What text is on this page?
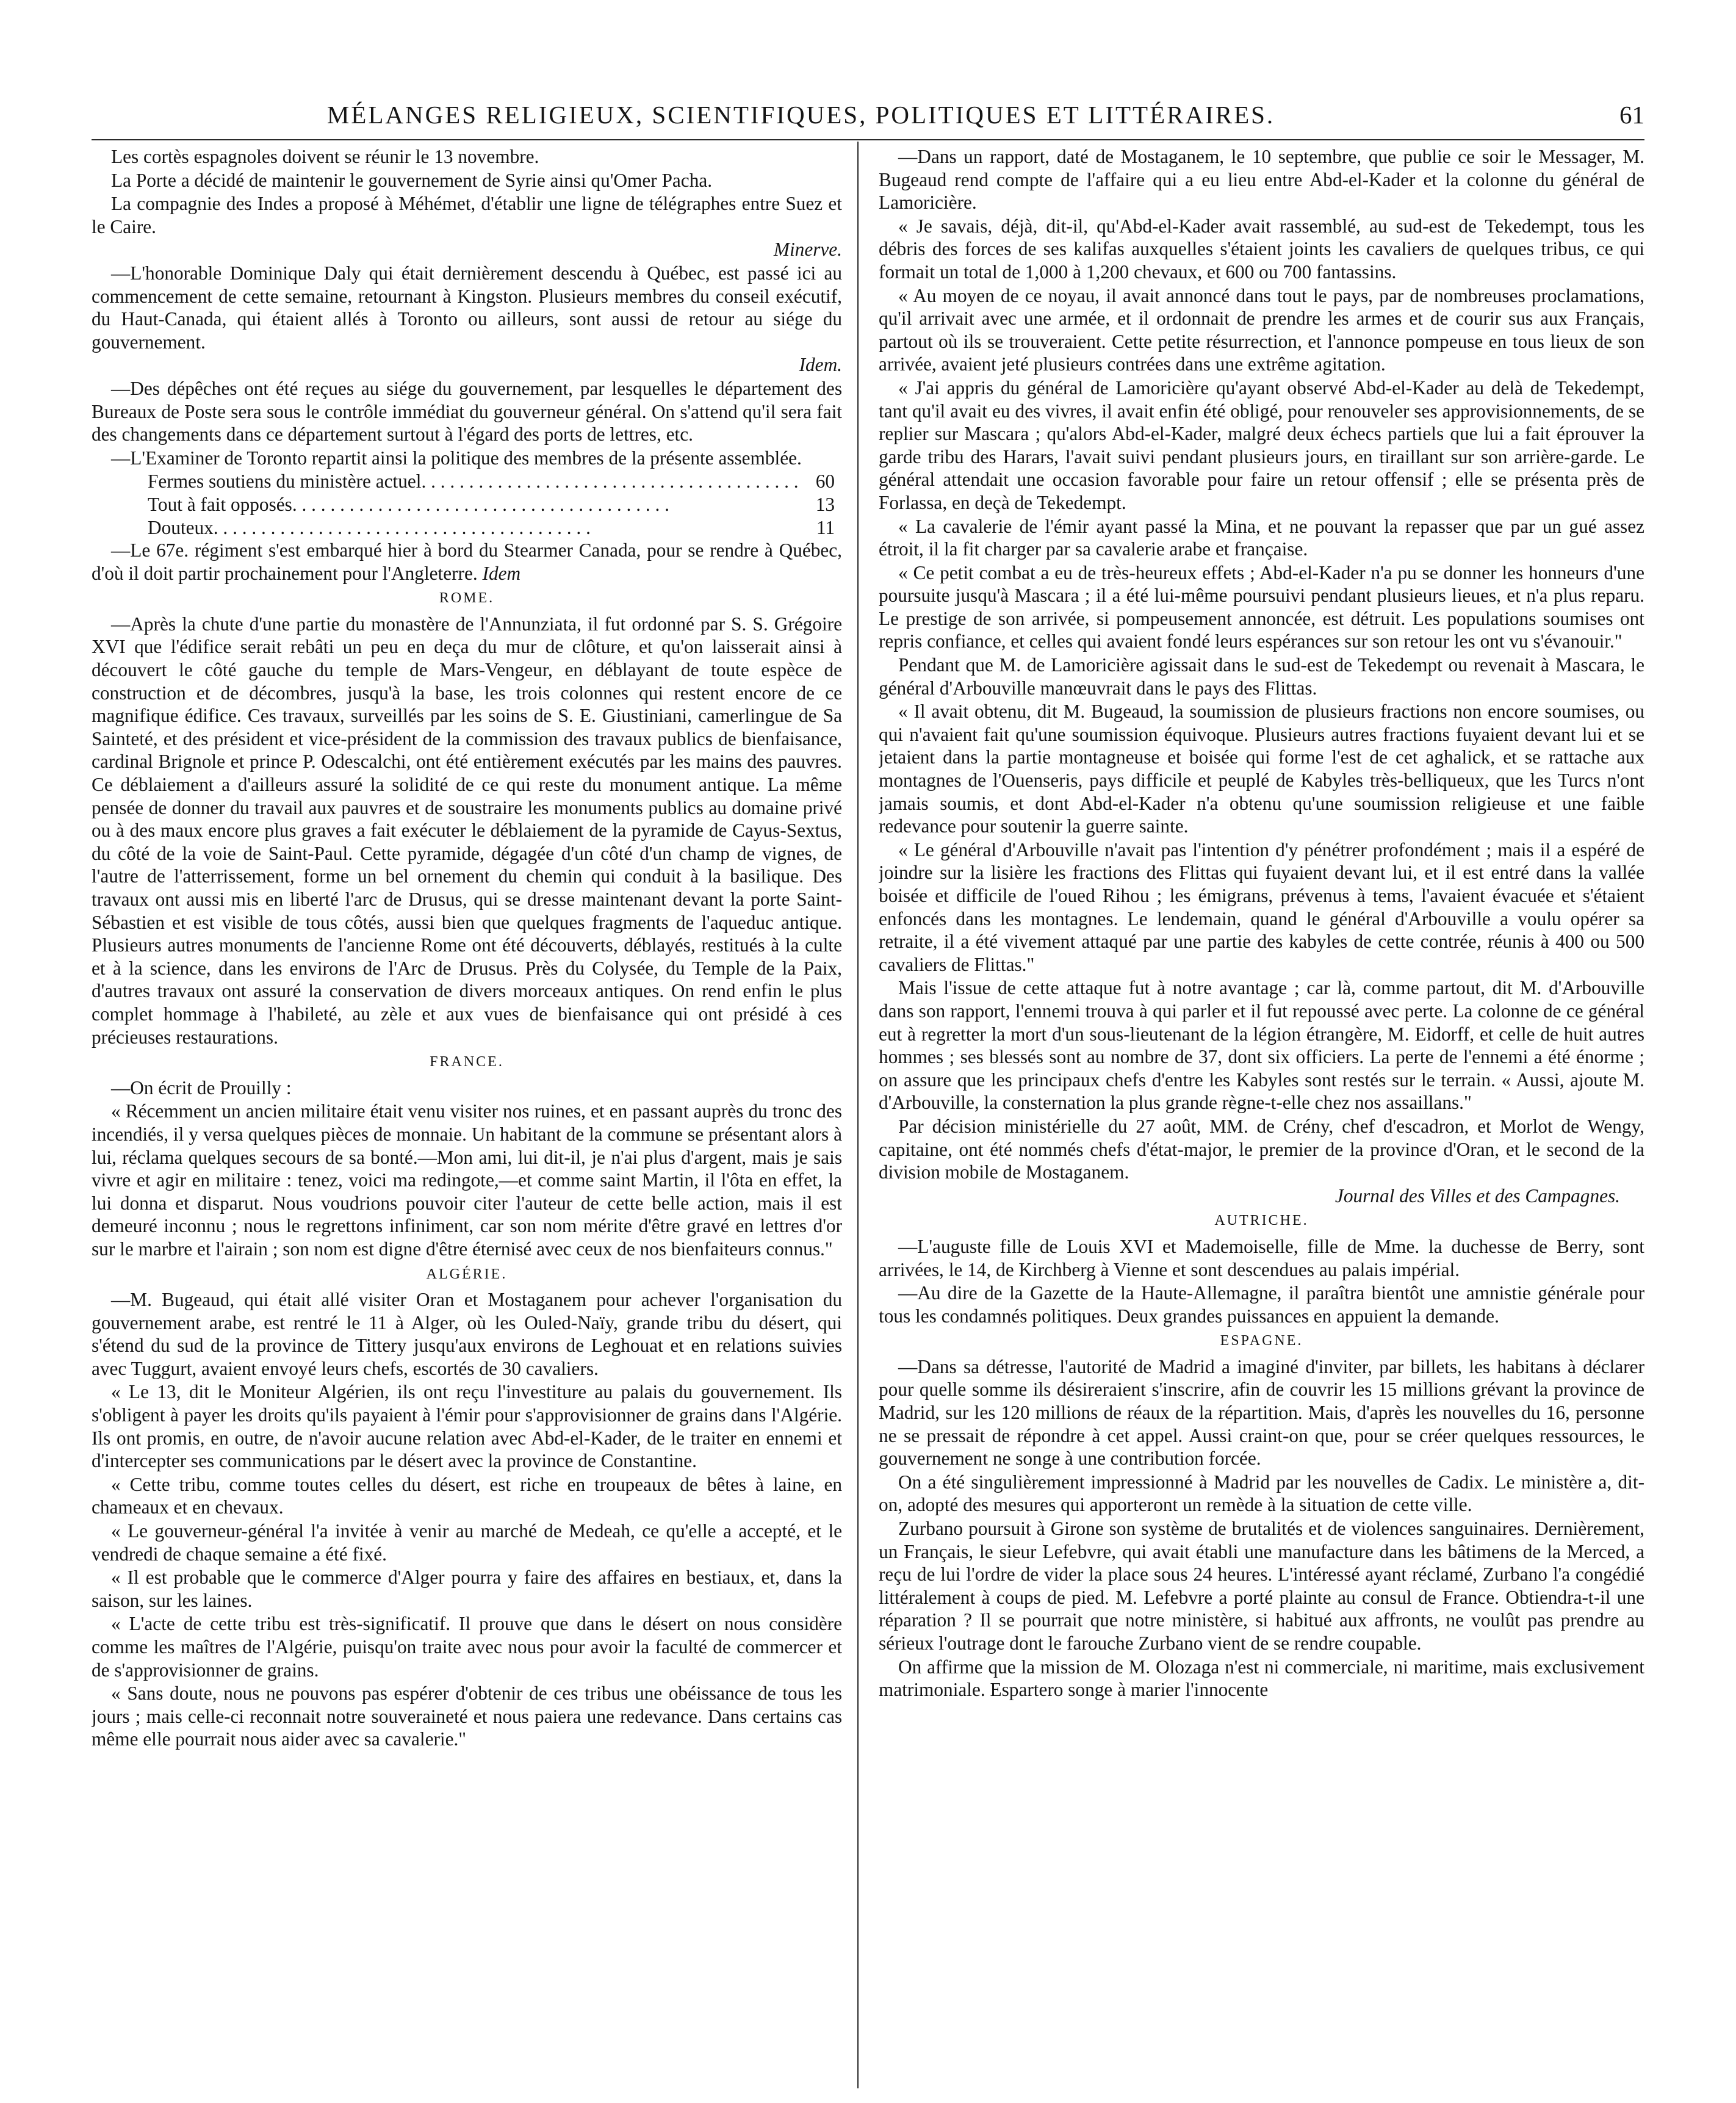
MÉLANGES RELIGIEUX, SCIENTIFIQUES, POLITIQUES ET LITTÉRAIRES.	61

Les cortès espagnoles doivent se réunir le 13 novembre.

La Porte a décidé de maintenir le gouvernement de Syrie ainsi qu'Omer Pacha.

La compagnie des Indes a proposé à Méhémet, d'établir une ligne de télégraphes entre Suez et le Caire.
Minerve.

—L'honorable Dominique Daly qui était dernièrement descendu à Québec, est passé ici au commencement de cette semaine, retournant à Kingston. Plusieurs membres du conseil exécutif, du Haut-Canada, qui étaient allés à Toronto ou ailleurs, sont aussi de retour au siége du gouvernement.
Idem.

—Des dépêches ont été reçues au siége du gouvernement, par lesquelles le département des Bureaux de Poste sera sous le contrôle immédiat du gouverneur général. On s'attend qu'il sera fait des changements dans ce département surtout à l'égard des ports de lettres, etc.

—L'Examiner de Toronto repartit ainsi la politique des membres de la présente assemblée.

Fermes soutiens du ministère actuel. . . .	60
Tout à fait opposés. . . .	13
Douteux. . . .	11

—Le 67e. régiment s'est embarqué hier à bord du Stearmer Canada, pour se rendre à Québec, d'où il doit partir prochainement pour l'Angleterre. Idem

ROME.

—Après la chute d'une partie du monastère de l'Annunziata, il fut ordonné par S. S. Grégoire XVI que l'édifice serait rebâti un peu en deça du mur de clôture, et qu'on laisserait ainsi à découvert le côté gauche du temple de Mars-Vengeur, en déblayant de toute espèce de construction et de décombres, jusqu'à la base, les trois colonnes qui restent encore de ce magnifique édifice. Ces travaux, surveillés par les soins de S. E. Giustiniani, camerlingue de Sa Sainteté, et des président et vice-président de la commission des travaux publics de bienfaisance, cardinal Brignole et prince P. Odescalchi, ont été entièrement exécutés par les mains des pauvres. Ce déblaiement a d'ailleurs assuré la solidité de ce qui reste du monument antique. La même pensée de donner du travail aux pauvres et de soustraire les monuments publics au domaine privé ou à des maux encore plus graves a fait exécuter le déblaiement de la pyramide de Cayus-Sextus, du côté de la voie de Saint-Paul. Cette pyramide, dégagée d'un côté d'un champ de vignes, de l'autre de l'atterrissement, forme un bel ornement du chemin qui conduit à la basilique. Des travaux ont aussi mis en liberté l'arc de Drusus, qui se dresse maintenant devant la porte Saint-Sébastien et est visible de tous côtés, aussi bien que quelques fragments de l'aqueduc antique. Plusieurs autres monuments de l'ancienne Rome ont été découverts, déblayés, restitués à la culte et à la science, dans les environs de l'Arc de Drusus. Près du Colysée, du Temple de la Paix, d'autres travaux ont assuré la conservation de divers morceaux antiques. On rend enfin le plus complet hommage à l'habileté, au zèle et aux vues de bienfaisance qui ont présidé à ces précieuses restaurations.

FRANCE.

—On écrit de Prouilly :

« Récemment un ancien militaire était venu visiter nos ruines, et en passant auprès du tronc des incendiés, il y versa quelques pièces de monnaie. Un habitant de la commune se présentant alors à lui, réclama quelques secours de sa bonté.—Mon ami, lui dit-il, je n'ai plus d'argent, mais je sais vivre et agir en militaire : tenez, voici ma redingote,—et comme saint Martin, il l'ôta en effet, la lui donna et disparut. Nous voudrions pouvoir citer l'auteur de cette belle action, mais il est demeuré inconnu ; nous le regrettons infiniment, car son nom mérite d'être gravé en lettres d'or sur le marbre et l'airain ; son nom est digne d'être éternisé avec ceux de nos bienfaiteurs connus."

ALGÉRIE.

—M. Bugeaud, qui était allé visiter Oran et Mostaganem pour achever l'organisation du gouvernement arabe, est rentré le 11 à Alger, où les Ouled-Naïy, grande tribu du désert, qui s'étend du sud de la province de Tittery jusqu'aux environs de Leghouat et en relations suivies avec Tuggurt, avaient envoyé leurs chefs, escortés de 30 cavaliers.

« Le 13, dit le Moniteur Algérien, ils ont reçu l'investiture au palais du gouvernement. Ils s'obligent à payer les droits qu'ils payaient à l'émir pour s'approvisionner de grains dans l'Algérie. Ils ont promis, en outre, de n'avoir aucune relation avec Abd-el-Kader, de le traiter en ennemi et d'intercepter ses communications par le désert avec la province de Constantine.

« Cette tribu, comme toutes celles du désert, est riche en troupeaux de bêtes à laine, en chameaux et en chevaux.

« Le gouverneur-général l'a invitée à venir au marché de Medeah, ce qu'elle a accepté, et le vendredi de chaque semaine a été fixé.

« Il est probable que le commerce d'Alger pourra y faire des affaires en bestiaux, et, dans la saison, sur les laines.

« L'acte de cette tribu est très-significatif. Il prouve que dans le désert on nous considère comme les maîtres de l'Algérie, puisqu'on traite avec nous pour avoir la faculté de commercer et de s'approvisionner de grains.

« Sans doute, nous ne pouvons pas espérer d'obtenir de ces tribus une obéissance de tous les jours ; mais celle-ci reconnait notre souveraineté et nous paiera une redevance. Dans certains cas même elle pourrait nous aider avec sa cavalerie."

—Dans un rapport, daté de Mostaganem, le 10 septembre, que publie ce soir le Messager, M. Bugeaud rend compte de l'affaire qui a eu lieu entre Abd-el-Kader et la colonne du général de Lamoricière.

« Je savais, déjà, dit-il, qu'Abd-el-Kader avait rassemblé, au sud-est de Tekedempt, tous les débris des forces de ses kalifas auxquelles s'étaient joints les cavaliers de quelques tribus, ce qui formait un total de 1,000 à 1,200 chevaux, et 600 ou 700 fantassins.

« Au moyen de ce noyau, il avait annoncé dans tout le pays, par de nombreuses proclamations, qu'il arrivait avec une armée, et il ordonnait de prendre les armes et de courir sus aux Français, partout où ils se trouveraient. Cette petite résurrection, et l'annonce pompeuse en tous lieux de son arrivée, avaient jeté plusieurs contrées dans une extrême agitation.

« J'ai appris du général de Lamoricière qu'ayant observé Abd-el-Kader au delà de Tekedempt, tant qu'il avait eu des vivres, il avait enfin été obligé, pour renouveler ses approvisionnements, de se replier sur Mascara ; qu'alors Abd-el-Kader, malgré deux échecs partiels que lui a fait éprouver la garde tribu des Harars, l'avait suivi pendant plusieurs jours, en tiraillant sur son arrière-garde. Le général attendait une occasion favorable pour faire un retour offensif ; elle se présenta près de Forlassa, en deçà de Tekedempt.

« La cavalerie de l'émir ayant passé la Mina, et ne pouvant la repasser que par un gué assez étroit, il la fit charger par sa cavalerie arabe et française.

« Ce petit combat a eu de très-heureux effets ; Abd-el-Kader n'a pu se donner les honneurs d'une poursuite jusqu'à Mascara ; il a été lui-même poursuivi pendant plusieurs lieues, et n'a plus reparu. Le prestige de son arrivée, si pompeusement annoncée, est détruit. Les populations soumises ont repris confiance, et celles qui avaient fondé leurs espérances sur son retour les ont vu s'évanouir."

Pendant que M. de Lamoricière agissait dans le sud-est de Tekedempt ou revenait à Mascara, le général d'Arbouville manœuvrait dans le pays des Flittas.

« Il avait obtenu, dit M. Bugeaud, la soumission de plusieurs fractions non encore soumises, ou qui n'avaient fait qu'une soumission équivoque. Plusieurs autres fractions fuyaient devant lui et se jetaient dans la partie montagneuse et boisée qui forme l'est de cet aghalick, et se rattache aux montagnes de l'Ouenseris, pays difficile et peuplé de Kabyles très-belliqueux, que les Turcs n'ont jamais soumis, et dont Abd-el-Kader n'a obtenu qu'une soumission religieuse et une faible redevance pour soutenir la guerre sainte.

« Le général d'Arbouville n'avait pas l'intention d'y pénétrer profondément ; mais il a espéré de joindre sur la lisière les fractions des Flittas qui fuyaient devant lui, et il est entré dans la vallée boisée et difficile de l'oued Rihou ; les émigrans, prévenus à tems, l'avaient évacuée et s'étaient enfoncés dans les montagnes. Le lendemain, quand le général d'Arbouville a voulu opérer sa retraite, il a été vivement attaqué par une partie des kabyles de cette contrée, réunis à 400 ou 500 cavaliers de Flittas."

Mais l'issue de cette attaque fut à notre avantage ; car là, comme partout, dit M. d'Arbouville dans son rapport, l'ennemi trouva à qui parler et il fut repoussé avec perte. La colonne de ce général eut à regretter la mort d'un sous-lieutenant de la légion étrangère, M. Eidorff, et celle de huit autres hommes ; ses blessés sont au nombre de 37, dont six officiers. La perte de l'ennemi a été énorme ; on assure que les principaux chefs d'entre les Kabyles sont restés sur le terrain. « Aussi, ajoute M. d'Arbouville, la consternation la plus grande règne-t-elle chez nos assaillans."

Par décision ministérielle du 27 août, MM. de Crény, chef d'escadron, et Morlot de Wengy, capitaine, ont été nommés chefs d'état-major, le premier de la province d'Oran, et le second de la division mobile de Mostaganem.

Journal des Villes et des Campagnes.

AUTRICHE.

—L'auguste fille de Louis XVI et Mademoiselle, fille de Mme. la duchesse de Berry, sont arrivées, le 14, de Kirchberg à Vienne et sont descendues au palais impérial.

—Au dire de la Gazette de la Haute-Allemagne, il paraîtra bientôt une amnistie générale pour tous les condamnés politiques. Deux grandes puissances en appuient la demande.

ESPAGNE.

—Dans sa détresse, l'autorité de Madrid a imaginé d'inviter, par billets, les habitans à déclarer pour quelle somme ils désireraient s'inscrire, afin de couvrir les 15 millions grévant la province de Madrid, sur les 120 millions de réaux de la répartition. Mais, d'après les nouvelles du 16, personne ne se pressait de répondre à cet appel. Aussi craint-on que, pour se créer quelques ressources, le gouvernement ne songe à une contribution forcée.

On a été singulièrement impressionné à Madrid par les nouvelles de Cadix. Le ministère a, dit-on, adopté des mesures qui apporteront un remède à la situation de cette ville.

Zurbano poursuit à Girone son système de brutalités et de violences sanguinaires. Dernièrement, un Français, le sieur Lefebvre, qui avait établi une manufacture dans les bâtimens de la Merced, a reçu de lui l'ordre de vider la place sous 24 heures. L'intéressé ayant réclamé, Zurbano l'a congédié littéralement à coups de pied. M. Lefebvre a porté plainte au consul de France. Obtiendra-t-il une réparation ? Il se pourrait que notre ministère, si habitué aux affronts, ne voulût pas prendre au sérieux l'outrage dont le farouche Zurbano vient de se rendre coupable.

On affirme que la mission de M. Olozaga n'est ni commerciale, ni maritime, mais exclusivement matrimoniale. Espartero songe à marier l'innocente
